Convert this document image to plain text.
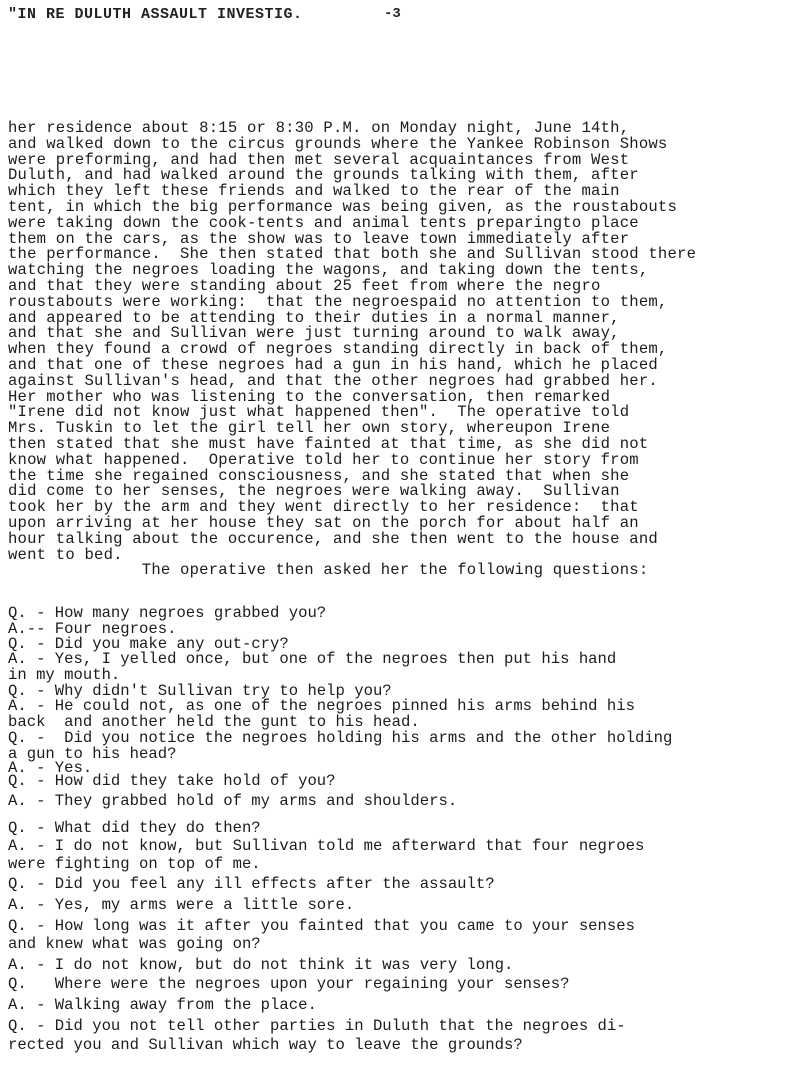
"IN RE DULUTH ASSAULT INVESTIG.	-3
her residence about 8:15 or 8:30 P.M. on Monday night, June 14th,
and walked down to the circus grounds where the Yankee Robinson Shows
were preforming, and had then met several acquaintances from West
Duluth, and had walked around the grounds talking with them, after
which they left these friends and walked to the rear of the main
tent, in which the big performance was being given, as the roustabouts
were taking down the cook-tents and animal tents preparingto place
them on the cars, as the show was to leave town immediately after
the performance.  She then stated that both she and Sullivan stood there
watching the negroes loading the wagons, and taking down the tents,
and that they were standing about 25 feet from where the negro
roustabouts were working:  that the negroespaid no attention to them,
and appeared to be attending to their duties in a normal manner,
and that she and Sullivan were just turning around to walk away,
when they found a crowd of negroes standing directly in back of them,
and that one of these negroes had a gun in his hand, which he placed
against Sullivan's head, and that the other negroes had grabbed her.
Her mother who was listening to the conversation, then remarked
"Irene did not know just what happened then".  The operative told
Mrs. Tuskin to let the girl tell her own story, whereupon Irene
then stated that she must have fainted at that time, as she did not
know what happened.  Operative told her to continue her story from
the time she regained consciousness, and she stated that when she
did come to her senses, the negroes were walking away.  Sullivan
took her by the arm and they went directly to her residence:  that
upon arriving at her house they sat on the porch for about half an
hour talking about the occurence, and she then went to the house and
went to bed.
The operative then asked her the following questions:
Q. - How many negroes grabbed you?
A.-- Four negroes.
Q. - Did you make any out-cry?
A. - Yes, I yelled once, but one of the negroes then put his hand
in my mouth.
Q. - Why didn't Sullivan try to help you?
A. - He could not, as one of the negroes pinned his arms behind his
back  and another held the gunt to his head.
Q. -  Did you notice the negroes holding his arms and the other holding
a gun to his head?
A. - Yes.
Q. - How did they take hold of you?
A. - They grabbed hold of my arms and shoulders.
Q. - What did they do then?
A. - I do not know, but Sullivan told me afterward that four negroes
were fighting on top of me.
Q. - Did you feel any ill effects after the assault?
A. - Yes, my arms were a little sore.
Q. - How long was it after you fainted that you came to your senses
and knew what was going on?
A. - I do not know, but do not think it was very long.
Q.   Where were the negroes upon your regaining your senses?
A. - Walking away from the place.
Q. - Did you not tell other parties in Duluth that the negroes di-
rected you and Sullivan which way to leave the grounds?
